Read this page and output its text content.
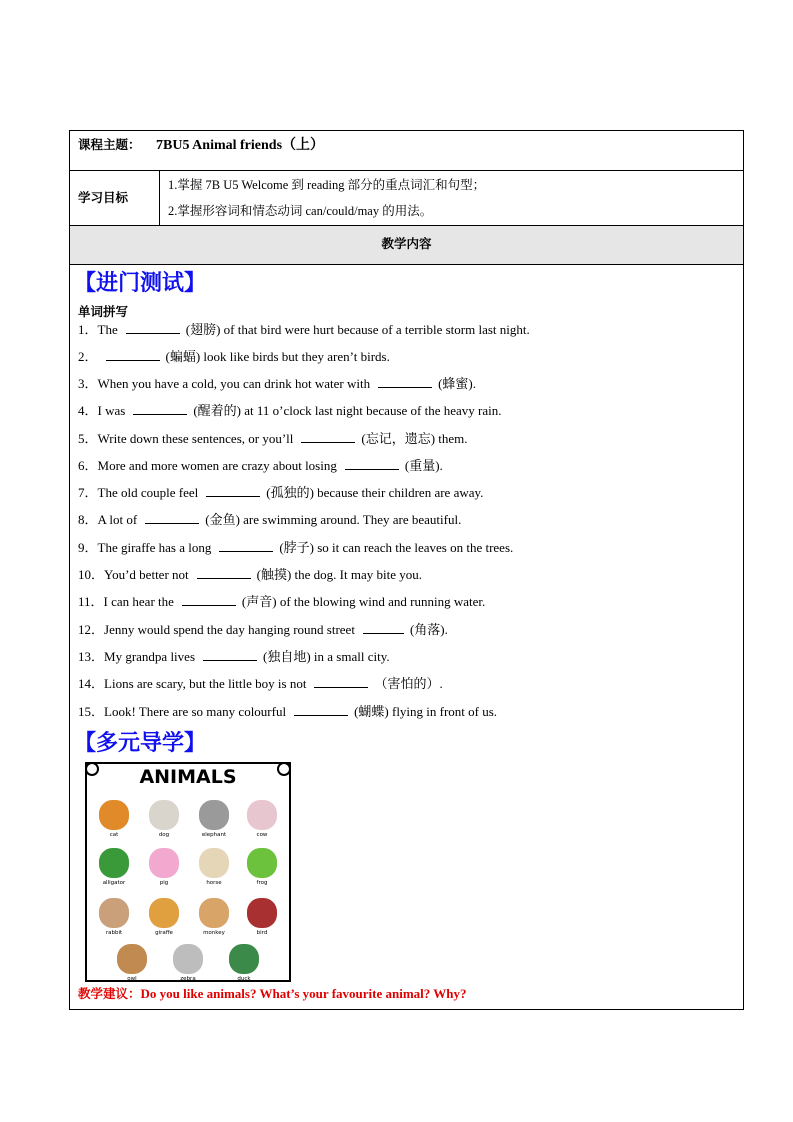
课程主题： 7BU5 Animal friends（上）
学习目标
1.掌握 7B U5 Welcome 到 reading 部分的重点词汇和句型；
2.掌握形容词和情态动词 can/could/may 的用法。
教学内容
【进门测试】
单词拼写
1．The	(翅膀) of that bird were hurt because of a terrible storm last night.
2．	(蝙蝠) look like birds but they aren’t birds.
3．When you have a cold, you can drink hot water with	(蜂蜜).
4．I was	(醒着的) at 11 o’clock last night because of the heavy rain.
5．Write down these sentences, or you’ll	(忘记，遗忘) them.
6．More and more women are crazy about losing	(重量).
7．The old couple feel	(孤独的) because their children are away.
8．A lot of	(金鱼) are swimming around. They are beautiful.
9．The giraffe has a long	(脖子) so it can reach the leaves on the trees.
10．You’d better not	(触摸) the dog. It may bite you.
11．I can hear the	(声音) of the blowing wind and running water.
12．Jenny would spend the day hanging round street	(角落).
13．My grandpa lives	(独自地) in a small city.
14．Lions are scary, but the little boy is not	（害怕的）.
15．Look! There are so many colourful	(蝴蝶) flying in front of us.
【多元导学】
ANIMALS
cat	dog	elephant	cow
alligator	pig	horse	frog
rabbit	giraffe	monkey	bird
owl	zebra	duck
教学建议：Do you like animals? What’s your favourite animal? Why?
